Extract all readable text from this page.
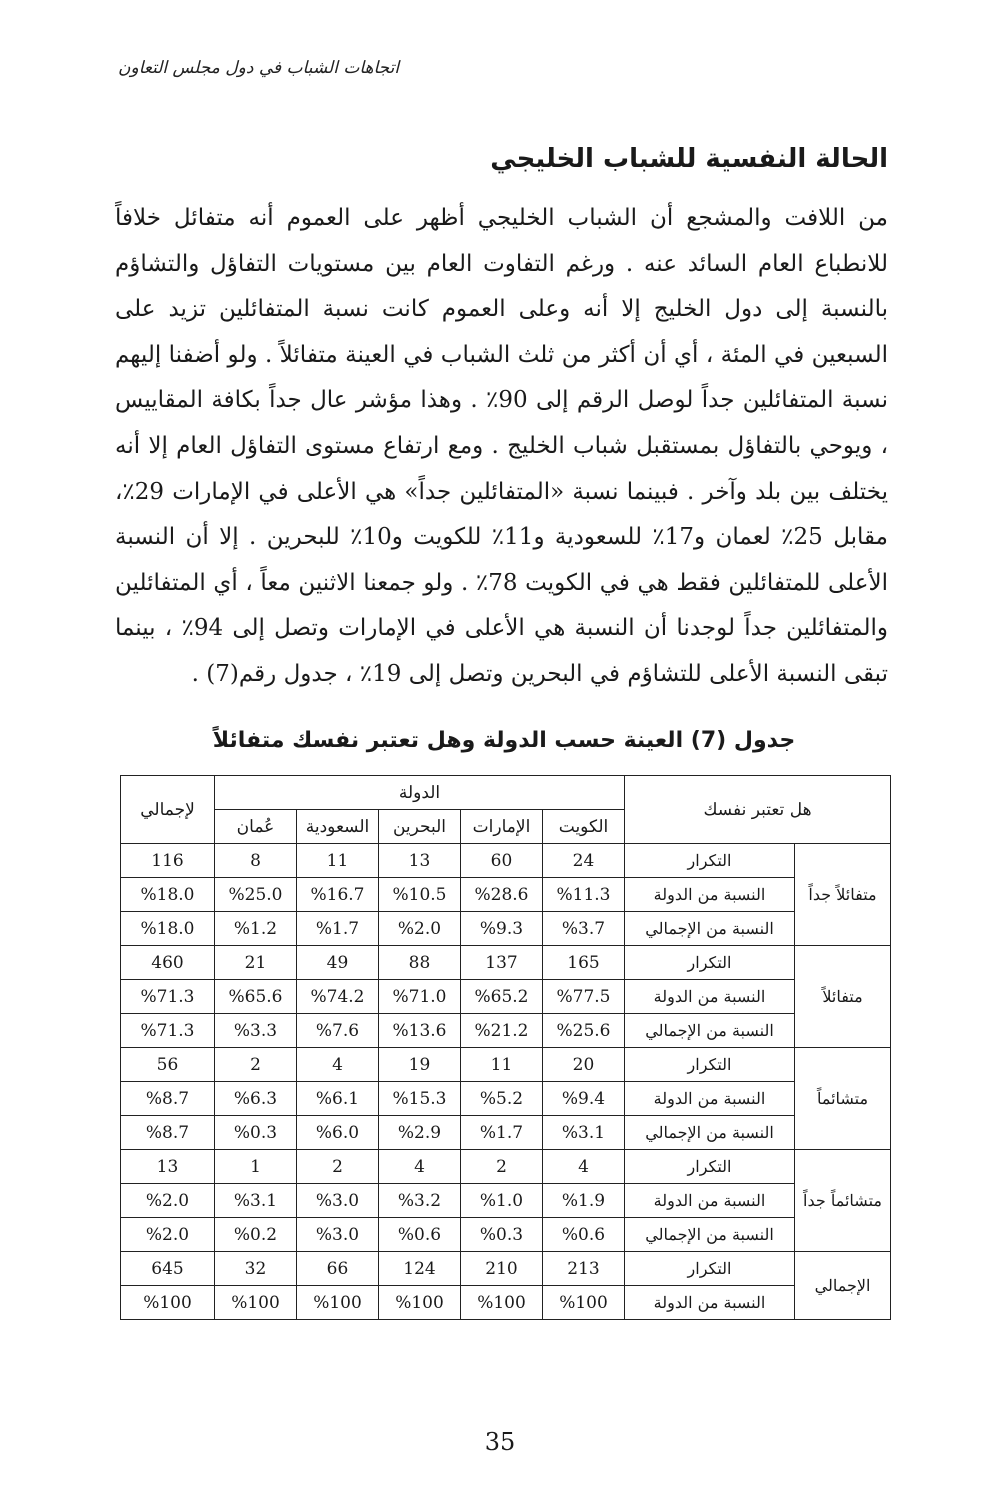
اتجاهات الشباب في دول مجلس التعاون
الحالة النفسية للشباب الخليجي
من اللافت والمشجع أن الشباب الخليجي أظهر على العموم أنه متفائل خلافاً للانطباع العام السائد عنه . ورغم التفاوت العام بين مستويات التفاؤل والتشاؤم بالنسبة إلى دول الخليج إلا أنه وعلى العموم كانت نسبة المتفائلين تزيد على السبعين في المئة ، أي أن أكثر من ثلث الشباب في العينة متفائلاً . ولو أضفنا إليهم نسبة المتفائلين جداً لوصل الرقم إلى 90٪ . وهذا مؤشر عال جداً بكافة المقاييس ، ويوحي بالتفاؤل بمستقبل شباب الخليج . ومع ارتفاع مستوى التفاؤل العام إلا أنه يختلف بين بلد وآخر . فبينما نسبة «المتفائلين جداً» هي الأعلى في الإمارات 29٪، مقابل 25٪ لعمان و17٪ للسعودية و11٪ للكويت و10٪ للبحرين . إلا أن النسبة الأعلى للمتفائلين فقط هي في الكويت 78٪ . ولو جمعنا الاثنين معاً ، أي المتفائلين والمتفائلين جداً لوجدنا أن النسبة هي الأعلى في الإمارات وتصل إلى 94٪ ، بينما تبقى النسبة الأعلى للتشاؤم في البحرين وتصل إلى 19٪ ، جدول رقم(7) .
جدول (7) العينة حسب الدولة وهل تعتبر نفسك متفائلاً
هل تعتبر نفسك		الدولة					لإجمالي
		الكويت	الإمارات	البحرين	السعودية	عُمان	
متفائلاً جداً	التكرار	24	60	13	11	8	116
	النسبة من الدولة	%11.3	%28.6	%10.5	%16.7	%25.0	%18.0
	النسبة من الإجمالي	%3.7	%9.3	%2.0	%1.7	%1.2	%18.0
متفائلاً	التكرار	165	137	88	49	21	460
	النسبة من الدولة	%77.5	%65.2	%71.0	%74.2	%65.6	%71.3
	النسبة من الإجمالي	%25.6	%21.2	%13.6	%7.6	%3.3	%71.3
متشائماً	التكرار	20	11	19	4	2	56
	النسبة من الدولة	%9.4	%5.2	%15.3	%6.1	%6.3	%8.7
	النسبة من الإجمالي	%3.1	%1.7	%2.9	%6.0	%0.3	%8.7
متشائماً جداً	التكرار	4	2	4	2	1	13
	النسبة من الدولة	%1.9	%1.0	%3.2	%3.0	%3.1	%2.0
	النسبة من الإجمالي	%0.6	%0.3	%0.6	%3.0	%0.2	%2.0
الإجمالي	التكرار	213	210	124	66	32	645
	النسبة من الدولة	%100	%100	%100	%100	%100	%100
35
